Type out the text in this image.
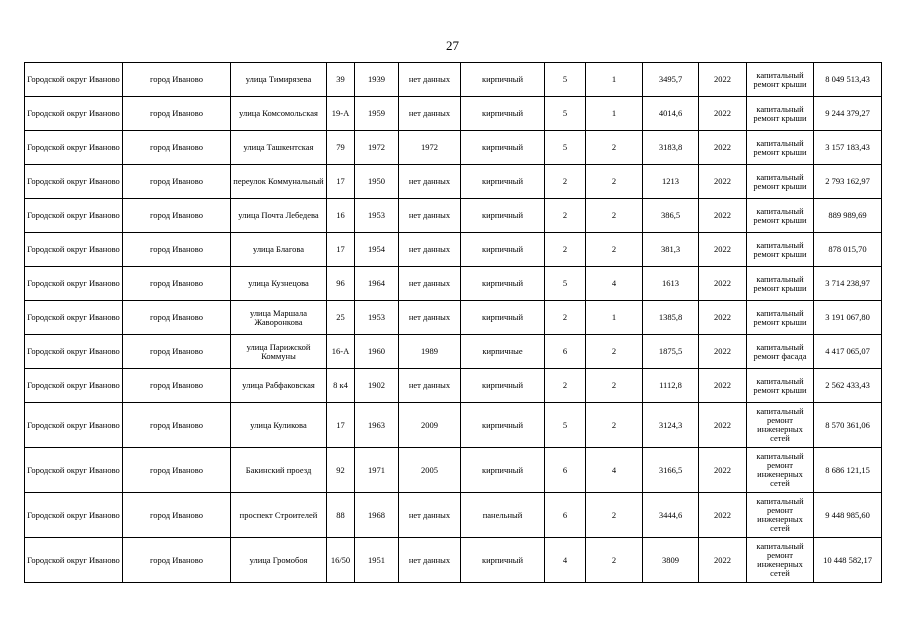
27
Городской округ Иваново	город Иваново	улица Тимирязева	39	1939	нет данных	кирпичный	5	1	3495,7	2022	капитальный ремонт крыши	8 049 513,43
Городской округ Иваново	город Иваново	улица Комсомольская	19-А	1959	нет данных	кирпичный	5	1	4014,6	2022	капитальный ремонт крыши	9 244 379,27
Городской округ Иваново	город Иваново	улица Ташкентская	79	1972	1972	кирпичный	5	2	3183,8	2022	капитальный ремонт крыши	3 157 183,43
Городской округ Иваново	город Иваново	переулок Коммунальный	17	1950	нет данных	кирпичный	2	2	1213	2022	капитальный ремонт крыши	2 793 162,97
Городской округ Иваново	город Иваново	улица Почта Лебедева	16	1953	нет данных	кирпичный	2	2	386,5	2022	капитальный ремонт крыши	889 989,69
Городской округ Иваново	город Иваново	улица Благова	17	1954	нет данных	кирпичный	2	2	381,3	2022	капитальный ремонт крыши	878 015,70
Городской округ Иваново	город Иваново	улица Кузнецова	96	1964	нет данных	кирпичный	5	4	1613	2022	капитальный ремонт крыши	3 714 238,97
Городской округ Иваново	город Иваново	улица Маршала Жаворонкова	25	1953	нет данных	кирпичный	2	1	1385,8	2022	капитальный ремонт крыши	3 191 067,80
Городской округ Иваново	город Иваново	улица Парижской Коммуны	16-А	1960	1989	кирпичные	6	2	1875,5	2022	капитальный ремонт фасада	4 417 065,07
Городской округ Иваново	город Иваново	улица Рабфаковская	8 к4	1902	нет данных	кирпичный	2	2	1112,8	2022	капитальный ремонт крыши	2 562 433,43
Городской округ Иваново	город Иваново	улица Куликова	17	1963	2009	кирпичный	5	2	3124,3	2022	капитальный ремонт инженерных сетей	8 570 361,06
Городской округ Иваново	город Иваново	Бакинский проезд	92	1971	2005	кирпичный	6	4	3166,5	2022	капитальный ремонт инженерных сетей	8 686 121,15
Городской округ Иваново	город Иваново	проспект Строителей	88	1968	нет данных	панельный	6	2	3444,6	2022	капитальный ремонт инженерных сетей	9 448 985,60
Городской округ Иваново	город Иваново	улица Громобоя	16/50	1951	нет данных	кирпичный	4	2	3809	2022	капитальный ремонт инженерных сетей	10 448 582,17
